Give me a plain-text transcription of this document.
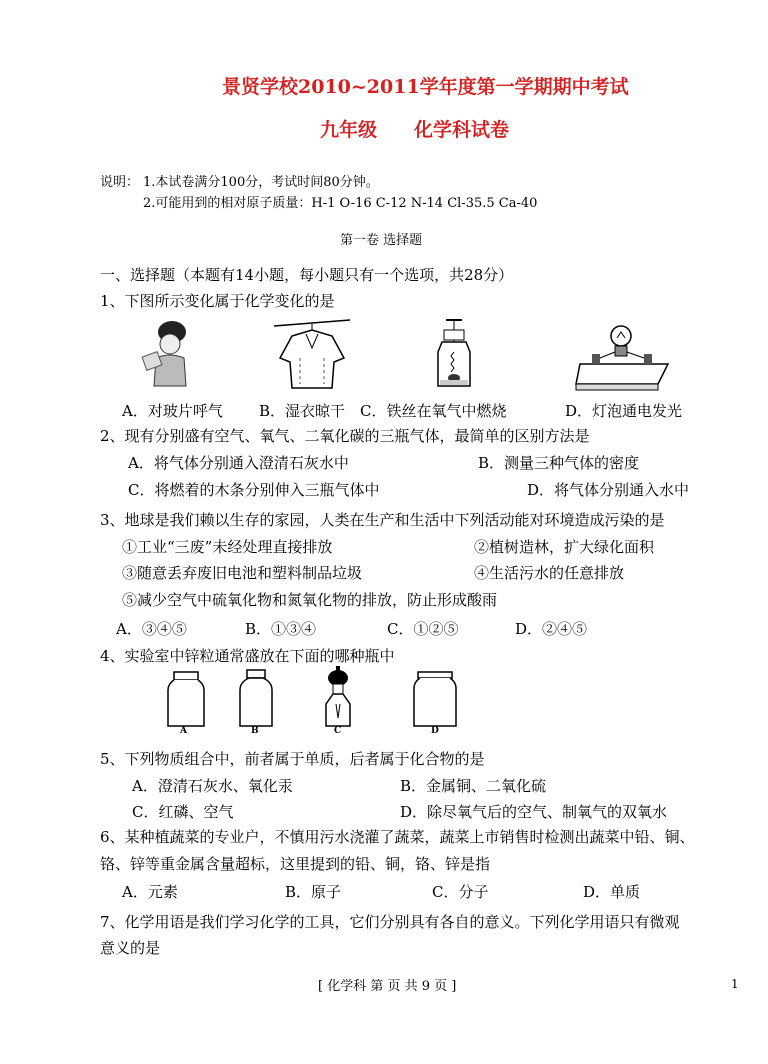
景贤学校2010~2011学年度第一学期期中考试
九年级 化学科试卷
说明： 1.本试卷满分100分，考试时间80分钟。
2.可能用到的相对原子质量：H-1 O-16 C-12 N-14 Cl-35.5 Ca-40
第一卷 选择题
一、选择题（本题有14小题，每小题只有一个选项，共28分）
1、下图所示变化属于化学变化的是
A．对玻片呼气 B．湿衣晾干 C．铁丝在氧气中燃烧	D．灯泡通电发光
2、现有分别盛有空气、氧气、二氧化碳的三瓶气体，最简单的区别方法是
A．将气体分别通入澄清石灰水中	B．测量三种气体的密度
C．将燃着的木条分别伸入三瓶气体中	D．将气体分别通入水中
3、地球是我们赖以生存的家园，人类在生产和生活中下列活动能对环境造成污染的是
①工业“三废”未经处理直接排放	②植树造林，扩大绿化面积
③随意丢弃废旧电池和塑料制品垃圾	④生活污水的任意排放
⑤减少空气中硫氧化物和氮氧化物的排放，防止形成酸雨
A．③④⑤	B．①③④	C．①②⑤	D．②④⑤
4、实验室中锌粒通常盛放在下面的哪种瓶中
A	B	C	D
5、下列物质组合中，前者属于单质，后者属于化合物的是
A．澄清石灰水、氧化汞	B．金属铜、二氧化硫
C．红磷、空气	D．除尽氧气后的空气、制氧气的双氧水
6、某种植蔬菜的专业户，不慎用污水浇灌了蔬菜，蔬菜上市销售时检测出蔬菜中铅、铜、
铬、锌等重金属含量超标，这里提到的铅、铜，铬、锌是指
A．元素	B．原子	C．分子	D．单质
7、化学用语是我们学习化学的工具，它们分别具有各自的意义。下列化学用语只有微观
意义的是
[ 化学科 第 页 共 9 页 ]	1
